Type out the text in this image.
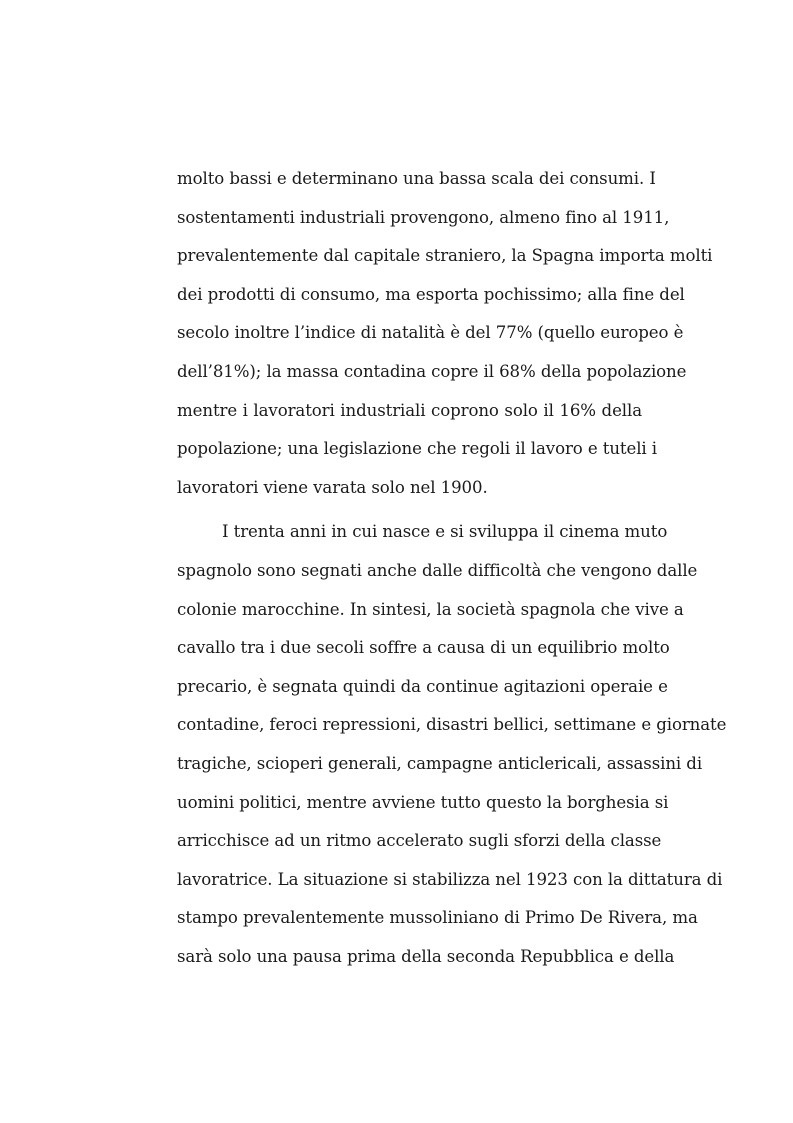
molto bassi e determinano una bassa scala dei consumi. I
sostentamenti industriali provengono, almeno fino al 1911,
prevalentemente dal capitale straniero, la Spagna importa molti
dei prodotti di consumo, ma esporta pochissimo; alla fine del
secolo inoltre l’indice di natalità è del 77% (quello europeo è
dell’81%); la massa contadina copre il 68% della popolazione
mentre i lavoratori industriali coprono solo il 16% della
popolazione; una legislazione che regoli il lavoro e tuteli i
lavoratori viene varata solo nel 1900.
I trenta anni in cui nasce e si sviluppa il cinema muto
spagnolo sono segnati anche dalle difficoltà che vengono dalle
colonie marocchine. In sintesi, la società spagnola che vive a
cavallo tra i due secoli soffre a causa di un equilibrio molto
precario, è segnata quindi da continue agitazioni operaie e
contadine, feroci repressioni, disastri bellici, settimane e giornate
tragiche, scioperi generali, campagne anticlericali, assassini di
uomini politici, mentre avviene tutto questo la borghesia si
arricchisce ad un ritmo accelerato sugli sforzi della classe
lavoratrice. La situazione si stabilizza nel 1923 con la dittatura di
stampo prevalentemente mussoliniano di Primo De Rivera, ma
sarà solo una pausa prima della seconda Repubblica e della
